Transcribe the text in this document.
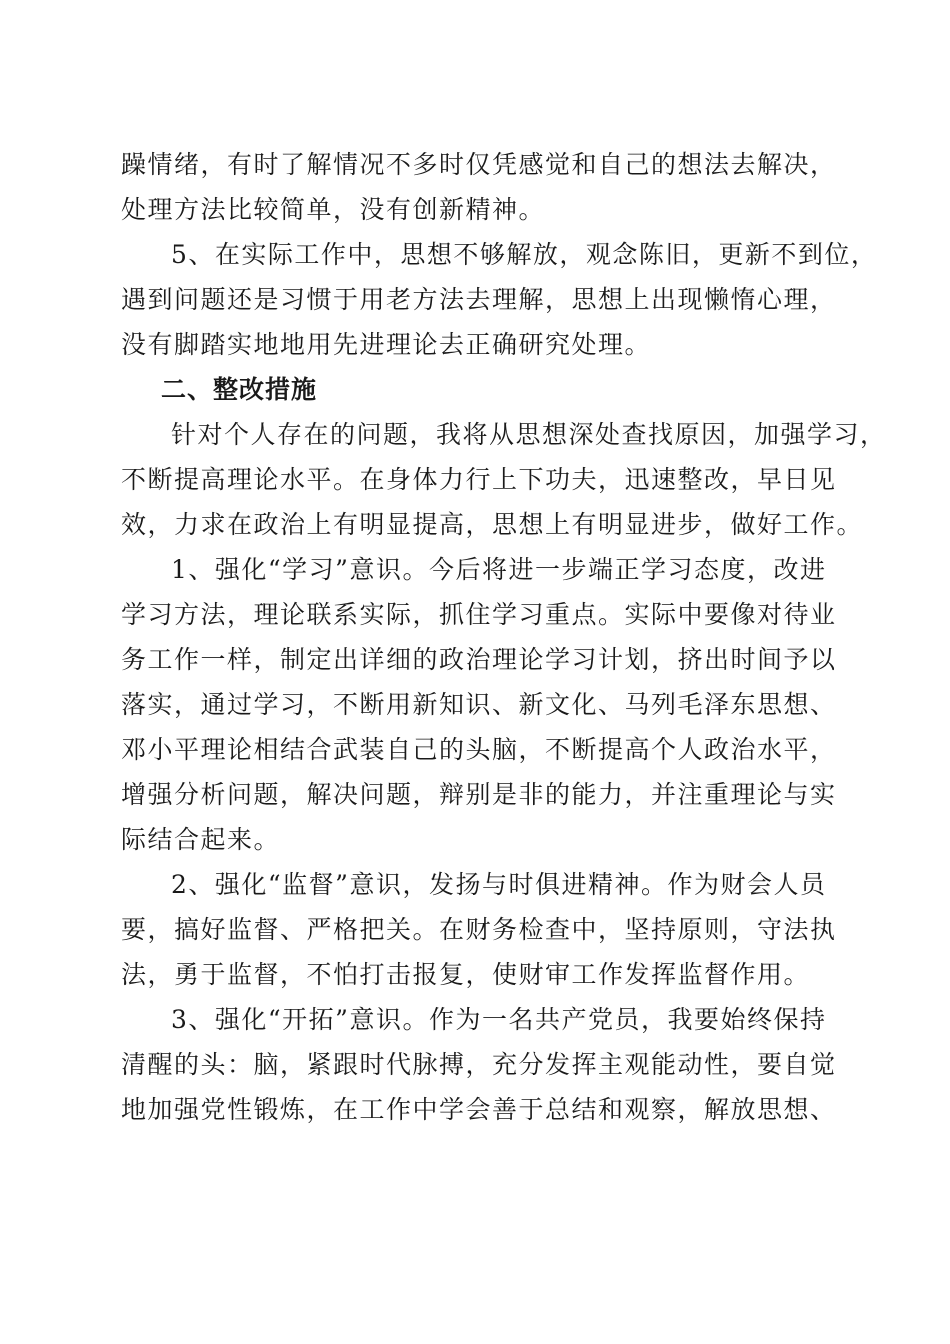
躁情绪，有时了解情况不多时仅凭感觉和自己的想法去解决，
处理方法比较简单，没有创新精神。

5、在实际工作中，思想不够解放，观念陈旧，更新不到位，
遇到问题还是习惯于用老方法去理解，思想上出现懒惰心理，
没有脚踏实地地用先进理论去正确研究处理。

二、整改措施

针对个人存在的问题，我将从思想深处查找原因，加强学习，
不断提高理论水平。在身体力行上下功夫，迅速整改，早日见
效，力求在政治上有明显提高，思想上有明显进步，做好工作。

1、强化“学习”意识。今后将进一步端正学习态度，改进
学习方法，理论联系实际，抓住学习重点。实际中要像对待业
务工作一样，制定出详细的政治理论学习计划，挤出时间予以
落实，通过学习，不断用新知识、新文化、马列毛泽东思想、
邓小平理论相结合武装自己的头脑，不断提高个人政治水平，
增强分析问题，解决问题，辩别是非的能力，并注重理论与实
际结合起来。

2、强化“监督”意识，发扬与时俱进精神。作为财会人员
要，搞好监督、严格把关。在财务检查中，坚持原则，守法执
法，勇于监督，不怕打击报复，使财审工作发挥监督作用。

3、强化“开拓”意识。作为一名共产党员，我要始终保持
清醒的头：脑，紧跟时代脉搏，充分发挥主观能动性，要自觉
地加强党性锻炼，在工作中学会善于总结和观察，解放思想、
